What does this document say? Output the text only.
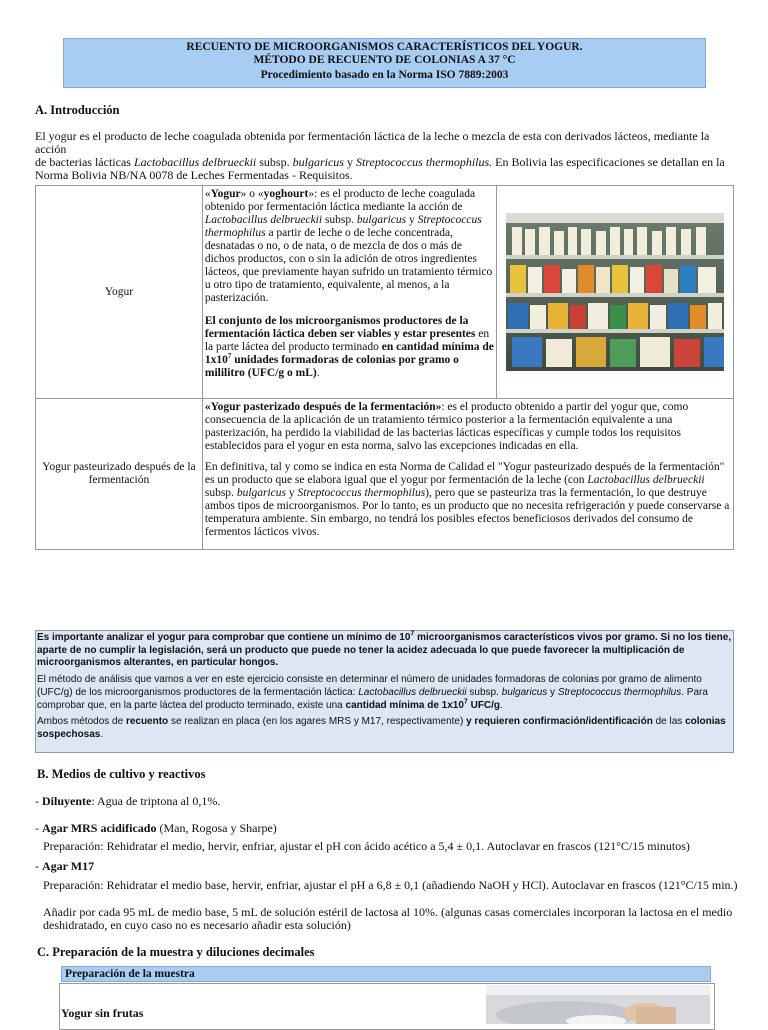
RECUENTO DE MICROORGANISMOS CARACTERÍSTICOS DEL YOGUR.
MÉTODO DE RECUENTO DE COLONIAS A 37 °C
Procedimiento basado en la Norma ISO 7889:2003
A. Introducción
El yogur es el producto de leche coagulada obtenida por fermentación láctica de la leche o mezcla de esta con derivados lácteos, mediante la acción
de bacterias lácticas Lactobacillus delbrueckii subsp. bulgaricus y Streptococcus thermophilus. En Bolivia las especificaciones se detallan en la
Norma Bolivia NB/NA 0078 de Leches Fermentadas - Requisitos.
Yogur	«Yogur» o «yoghourt»: es el producto de leche coagulada obtenido por fermentación láctica mediante la acción de Lactobacillus delbrueckii subsp. bulgaricus y Streptococcus thermophilus a partir de leche o de leche concentrada, desnatadas o no, o de nata, o de mezcla de dos o más de dichos productos, con o sin la adición de otros ingredientes lácteos, que previamente hayan sufrido un tratamiento térmico u otro tipo de tratamiento, equivalente, al menos, a la pasterización.
El conjunto de los microorganismos productores de la fermentación láctica deben ser viables y estar presentes en la parte láctea del producto terminado en cantidad mínima de $1x10^7$ unidades formadoras de colonias por gramo o mililitro (UFC/g o mL).

Yogur pasteurizado después de la fermentación	«Yogur pasterizado después de la fermentación»: es el producto obtenido a partir del yogur que, como consecuencia de la aplicación de un tratamiento térmico posterior a la fermentación equivalente a una pasterización, ha perdido la viabilidad de las bacterias lácticas específicas y cumple todos los requisitos establecidos para el yogur en esta norma, salvo las excepciones indicadas en ella.
En definitiva, tal y como se indica en esta Norma de Calidad el "Yogur pasteurizado después de la fermentación" es un producto que se elabora igual que el yogur por fermentación de la leche (con Lactobacillus delbrueckii subsp. bulgaricus y Streptococcus thermophilus), pero que se pasteuriza tras la fermentación, lo que destruye ambos tipos de microorganismos. Por lo tanto, es un producto que no necesita refrigeración y puede conservarse a temperatura ambiente. Sin embargo, no tendrá los posibles efectos beneficiosos derivados del consumo de fermentos lácticos vivos.	

Es importante analizar el yogur para comprobar que contiene un mínimo de $10^7$ microorganismos característicos vivos por gramo. Si no los tiene, aparte de no cumplir la legislación, será un producto que puede no tener la acidez adecuada lo que puede favorecer la multiplicación de microorganismos alterantes, en particular hongos.

El método de análisis que vamos a ver en este ejercicio consiste en determinar el número de unidades formadoras de colonias por gramo de alimento (UFC/g) de los microorganismos productores de la fermentación láctica: Lactobacillus delbrueckii subsp. bulgaricus y Streptococcus thermophilus. Para comprobar que, en la parte láctea del producto terminado, existe una cantidad mínima de $1x10^7$ UFC/g.

Ambos métodos de recuento se realizan en placa (en los agares MRS y M17, respectivamente) y requieren confirmación/identificación de las colonias sospechosas.

B. Medios de cultivo y reactivos
- Diluyente: Agua de triptona al 0,1%.
- Agar MRS acidificado (Man, Rogosa y Sharpe)
Preparación: Rehidratar el medio, hervir, enfriar, ajustar el pH con ácido acético a 5,4 ± 0,1. Autoclavar en frascos (121°C/15 minutos)
- Agar M17
Preparación: Rehidratar el medio base, hervir, enfriar, ajustar el pH a 6,8 ± 0,1 (añadiendo NaOH y HCl). Autoclavar en frascos (121°C/15 min.)
Añadir por cada 95 mL de medio base, 5 mL de solución estéril de lactosa al 10%. (algunas casas comerciales incorporan la lactosa en el medio
deshidratado, en cuyo caso no es necesario añadir esta solución)
C. Preparación de la muestra y diluciones decimales
Preparación de la muestra
Yogur sin frutas
